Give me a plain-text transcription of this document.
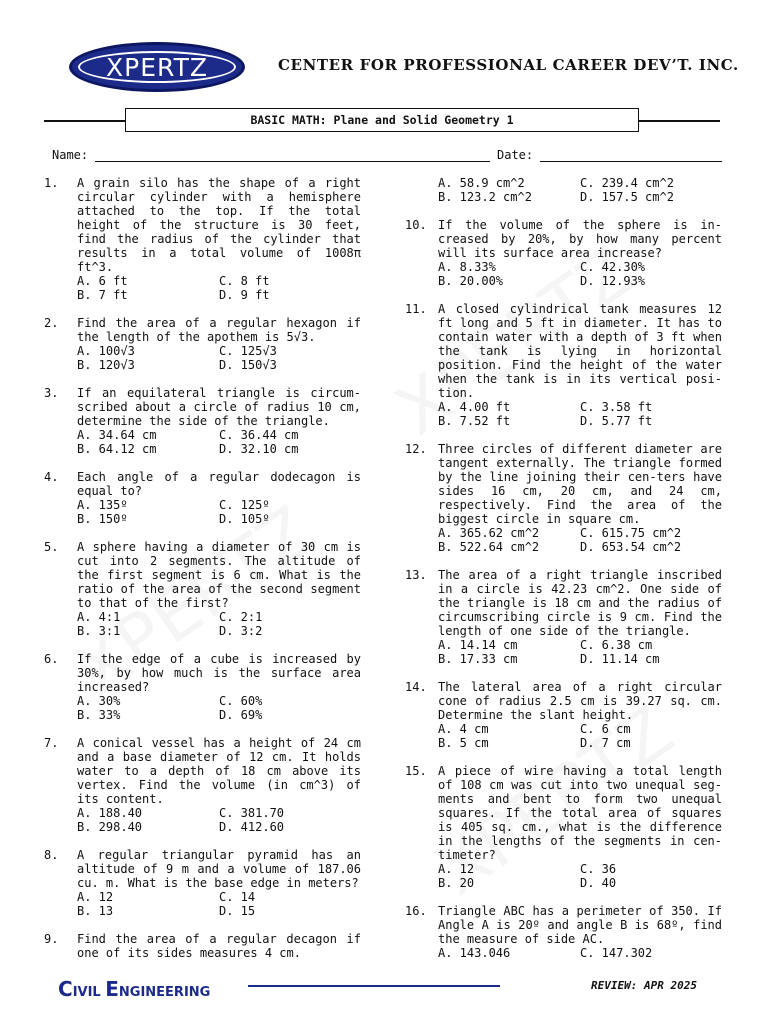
XPERTZ	CENTER FOR PROFESSIONAL CAREER DEV’T. INC.
BASIC MATH: Plane and Solid Geometry 1
Name:	Date:
1.	A grain silo has the shape of a right circular cylinder with a hemisphere attached to the top. If the total height of the structure is 30 feet, find the radius of the cylinder that results in a total volume of 1008π ft^3.
A. 6 ft	C. 8 ft
B. 7 ft	D. 9 ft
2.	Find the area of a regular hexagon if the length of the apothem is 5√3.
A. 100√3	C. 125√3
B. 120√3	D. 150√3
3.	If an equilateral triangle is circum-scribed about a circle of radius 10 cm, determine the side of the triangle.
A. 34.64 cm	C. 36.44 cm
B. 64.12 cm	D. 32.10 cm
4.	Each angle of a regular dodecagon is equal to?
A. 135º	C. 125º
B. 150º	D. 105º
5.	A sphere having a diameter of 30 cm is cut into 2 segments. The altitude of the first segment is 6 cm. What is the ratio of the area of the second segment to that of the first?
A. 4:1	C. 2:1
B. 3:1	D. 3:2
6.	If the edge of a cube is increased by 30%, by how much is the surface area increased?
A. 30%	C. 60%
B. 33%	D. 69%
7.	A conical vessel has a height of 24 cm and a base diameter of 12 cm. It holds water to a depth of 18 cm above its vertex. Find the volume (in cm^3) of its content.
A. 188.40	C. 381.70
B. 298.40	D. 412.60
8.	A regular triangular pyramid has an altitude of 9 m and a volume of 187.06 cu. m. What is the base edge in meters?
A. 12	C. 14
B. 13	D. 15
9.	Find the area of a regular decagon if one of its sides measures 4 cm.
A. 58.9 cm^2	C. 239.4 cm^2
B. 123.2 cm^2	D. 157.5 cm^2
10. If the volume of the sphere is in-creased by 20%, by how many percent will its surface area increase?
A. 8.33%	C. 42.30%
B. 20.00%	D. 12.93%
11. A closed cylindrical tank measures 12 ft long and 5 ft in diameter. It has to contain water with a depth of 3 ft when the tank is lying in horizontal position. Find the height of the water when the tank is in its vertical posi-tion.
A. 4.00 ft	C. 3.58 ft
B. 7.52 ft	D. 5.77 ft
12. Three circles of different diameter are tangent externally. The triangle formed by the line joining their cen-ters have sides 16 cm, 20 cm, and 24 cm, respectively. Find the area of the biggest circle in square cm.
A. 365.62 cm^2	C. 615.75 cm^2
B. 522.64 cm^2	D. 653.54 cm^2
13. The area of a right triangle inscribed in a circle is 42.23 cm^2. One side of the triangle is 18 cm and the radius of circumscribing circle is 9 cm. Find the length of one side of the triangle.
A. 14.14 cm	C. 6.38 cm
B. 17.33 cm	D. 11.14 cm
14. The lateral area of a right circular cone of radius 2.5 cm is 39.27 sq. cm. Determine the slant height.
A. 4 cm	C. 6 cm
B. 5 cm	D. 7 cm
15. A piece of wire having a total length of 108 cm was cut into two unequal seg-ments and bent to form two unequal squares. If the total area of squares is 405 sq. cm., what is the difference in the lengths of the segments in cen-timeter?
A. 12	C. 36
B. 20	D. 40
16. Triangle ABC has a perimeter of 350. If Angle A is 20º and angle B is 68º, find the measure of side AC.
A. 143.046	C. 147.302
CIVIL ENGINEERING	REVIEW: APR 2025
